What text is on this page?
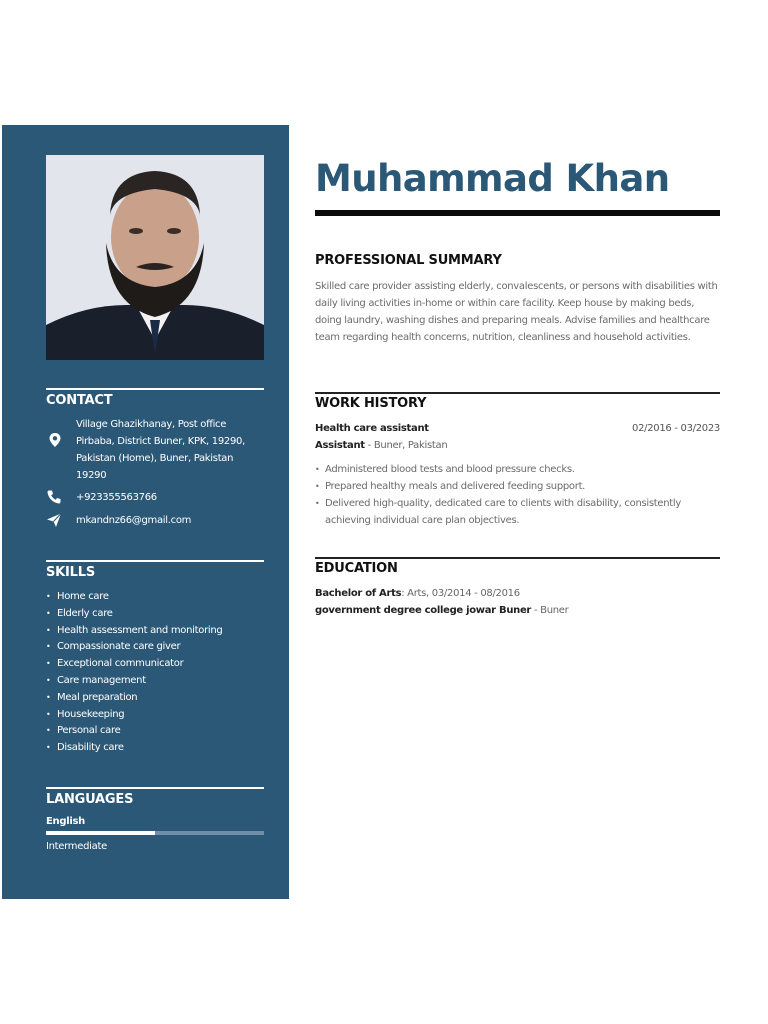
CONTACT
Village Ghazikhanay, Post office Pirbaba, District Buner, KPK, 19290, Pakistan (Home), Buner, Pakistan 19290
+923355563766
mkandnz66@gmail.com
SKILLS
• Home care
• Elderly care
• Health assessment and monitoring
• Compassionate care giver
• Exceptional communicator
• Care management
• Meal preparation
• Housekeeping
• Personal care
• Disability care
LANGUAGES
English
Intermediate
Muhammad Khan
PROFESSIONAL SUMMARY

Skilled care provider assisting elderly, convalescents, or persons with disabilities with daily living activities in-home or within care facility. Keep house by making beds, doing laundry, washing dishes and preparing meals. Advise families and healthcare team regarding health concerns, nutrition, cleanliness and household activities.

WORK HISTORY
Health care assistant	02/2016 - 03/2023
Assistant - Buner, Pakistan
• Administered blood tests and blood pressure checks.
• Prepared healthy meals and delivered feeding support.
• Delivered high-quality, dedicated care to clients with disability, consistently achieving individual care plan objectives.
EDUCATION
Bachelor of Arts: Arts, 03/2014 - 08/2016
government degree college jowar Buner - Buner
